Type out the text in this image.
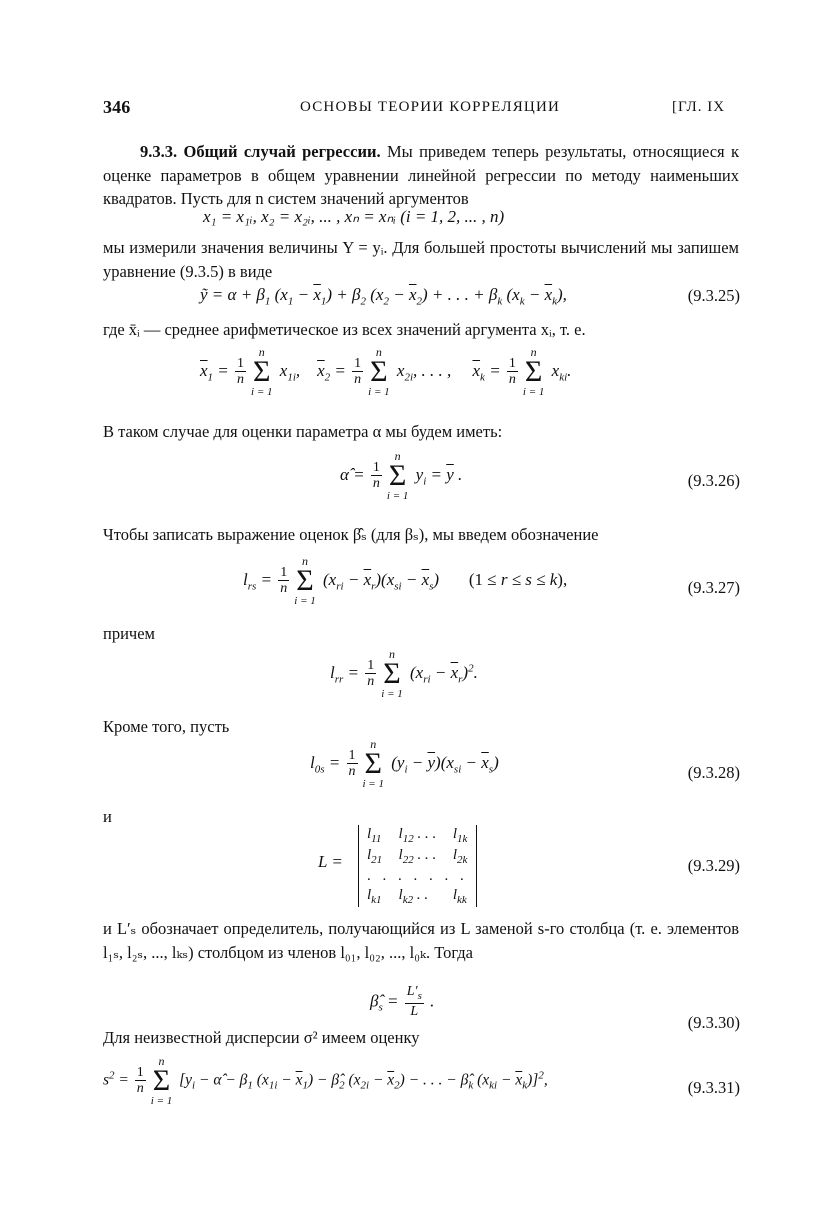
346	ОСНОВЫ ТЕОРИИ КОРРЕЛЯЦИИ	[ГЛ. IX
9.3.3. Общий случай регрессии. Мы приведем теперь результаты, относящиеся к оценке параметров в общем уравнении линейной регрессии по методу наименьших квадратов. Пусть для n систем значений аргументов
x₁ = x₁ᵢ, x₂ = x₂ᵢ, ... , xₙ = xₙᵢ (i = 1, 2, ... , n)
мы измерили значения величины Y = yᵢ. Для большей простоты вычислений мы запишем уравнение (9.3.5) в виде
ỹ = $\alpha + \beta_1$ $(x_1 - \overline{x}_1) + \beta_2$ $(x_2 - \overline{x}_2)$ + . . . + $\beta_k$ $(x_k - \overline{x}_k)$,	(9.3.25)
где x̄ᵢ — среднее арифметическое из всех значений аргумента xᵢ, т. е.
$\overline{x}_1 = \frac{1}{n}$
n
Σ
i = 1
$x_{1i}$,    $\overline{x}_2 = \frac{1}{n}$
n
Σ
i = 1
$x_{2i}$, . . . ,     $\overline{x}_k = \frac{1}{n}$
n
Σ
i = 1
$x_{ki}$.
В таком случае для оценки параметра α мы будем иметь:
α̂ = $\frac{1}{n}$
n
Σ
i = 1
$y_i = \overline{y}$ .	(9.3.26)
Чтобы записать выражение оценок β̂ₛ (для βₛ), мы введем обозначение
$l_{rs} = \frac{1}{n}$
n
Σ
i = 1
$(x_{ri} - \overline{x}_r)(x_{si} - \overline{x}_s)$       (1 ≤ r ≤ s ≤ k),	(9.3.27)
причем
$l_{rr} = \frac{1}{n}$
n
Σ
i = 1
$(x_{ri} - \overline{x}_r)^2$.
Кроме того, пусть
$l_{0s} = \frac{1}{n}$
n
Σ
i = 1
$(y_i - \overline{y})(x_{si} - \overline{x}_s)$
(9.3.28)
и
L =
$l_{11}$	$l_{12}$ . . .	$l_{1k}$
$l_{21}$	$l_{22}$ . . .	$l_{2k}$
. . . . . . .		
$l_{k1}$	$l_{k2}$ . .	$l_{kk}$
(9.3.29)
и L′ₛ обозначает определитель, получающийся из L заменой s-го столбца (т. е. элементов l₁ₛ, l₂ₛ, ..., lₖₛ) столбцом из членов l₀₁, l₀₂, ..., l₀ₖ. Тогда
$\betâ_s = \frac{L'_s}{L}$ .
(9.3.30)
Для неизвестной дисперсии σ² имеем оценку
$s^2 = \frac{1}{n}$
n
Σ
i = 1
[$y_i$ − α̂ − $\beta_1$ $(x_{1i} - \overline{x}_1)$ − $\betâ_2$ $(x_{2i} - \overline{x}_2)$ − . . . − $\betâ_k$ $(x_{ki} - \overline{x}_k)]^2$,	(9.3.31)
